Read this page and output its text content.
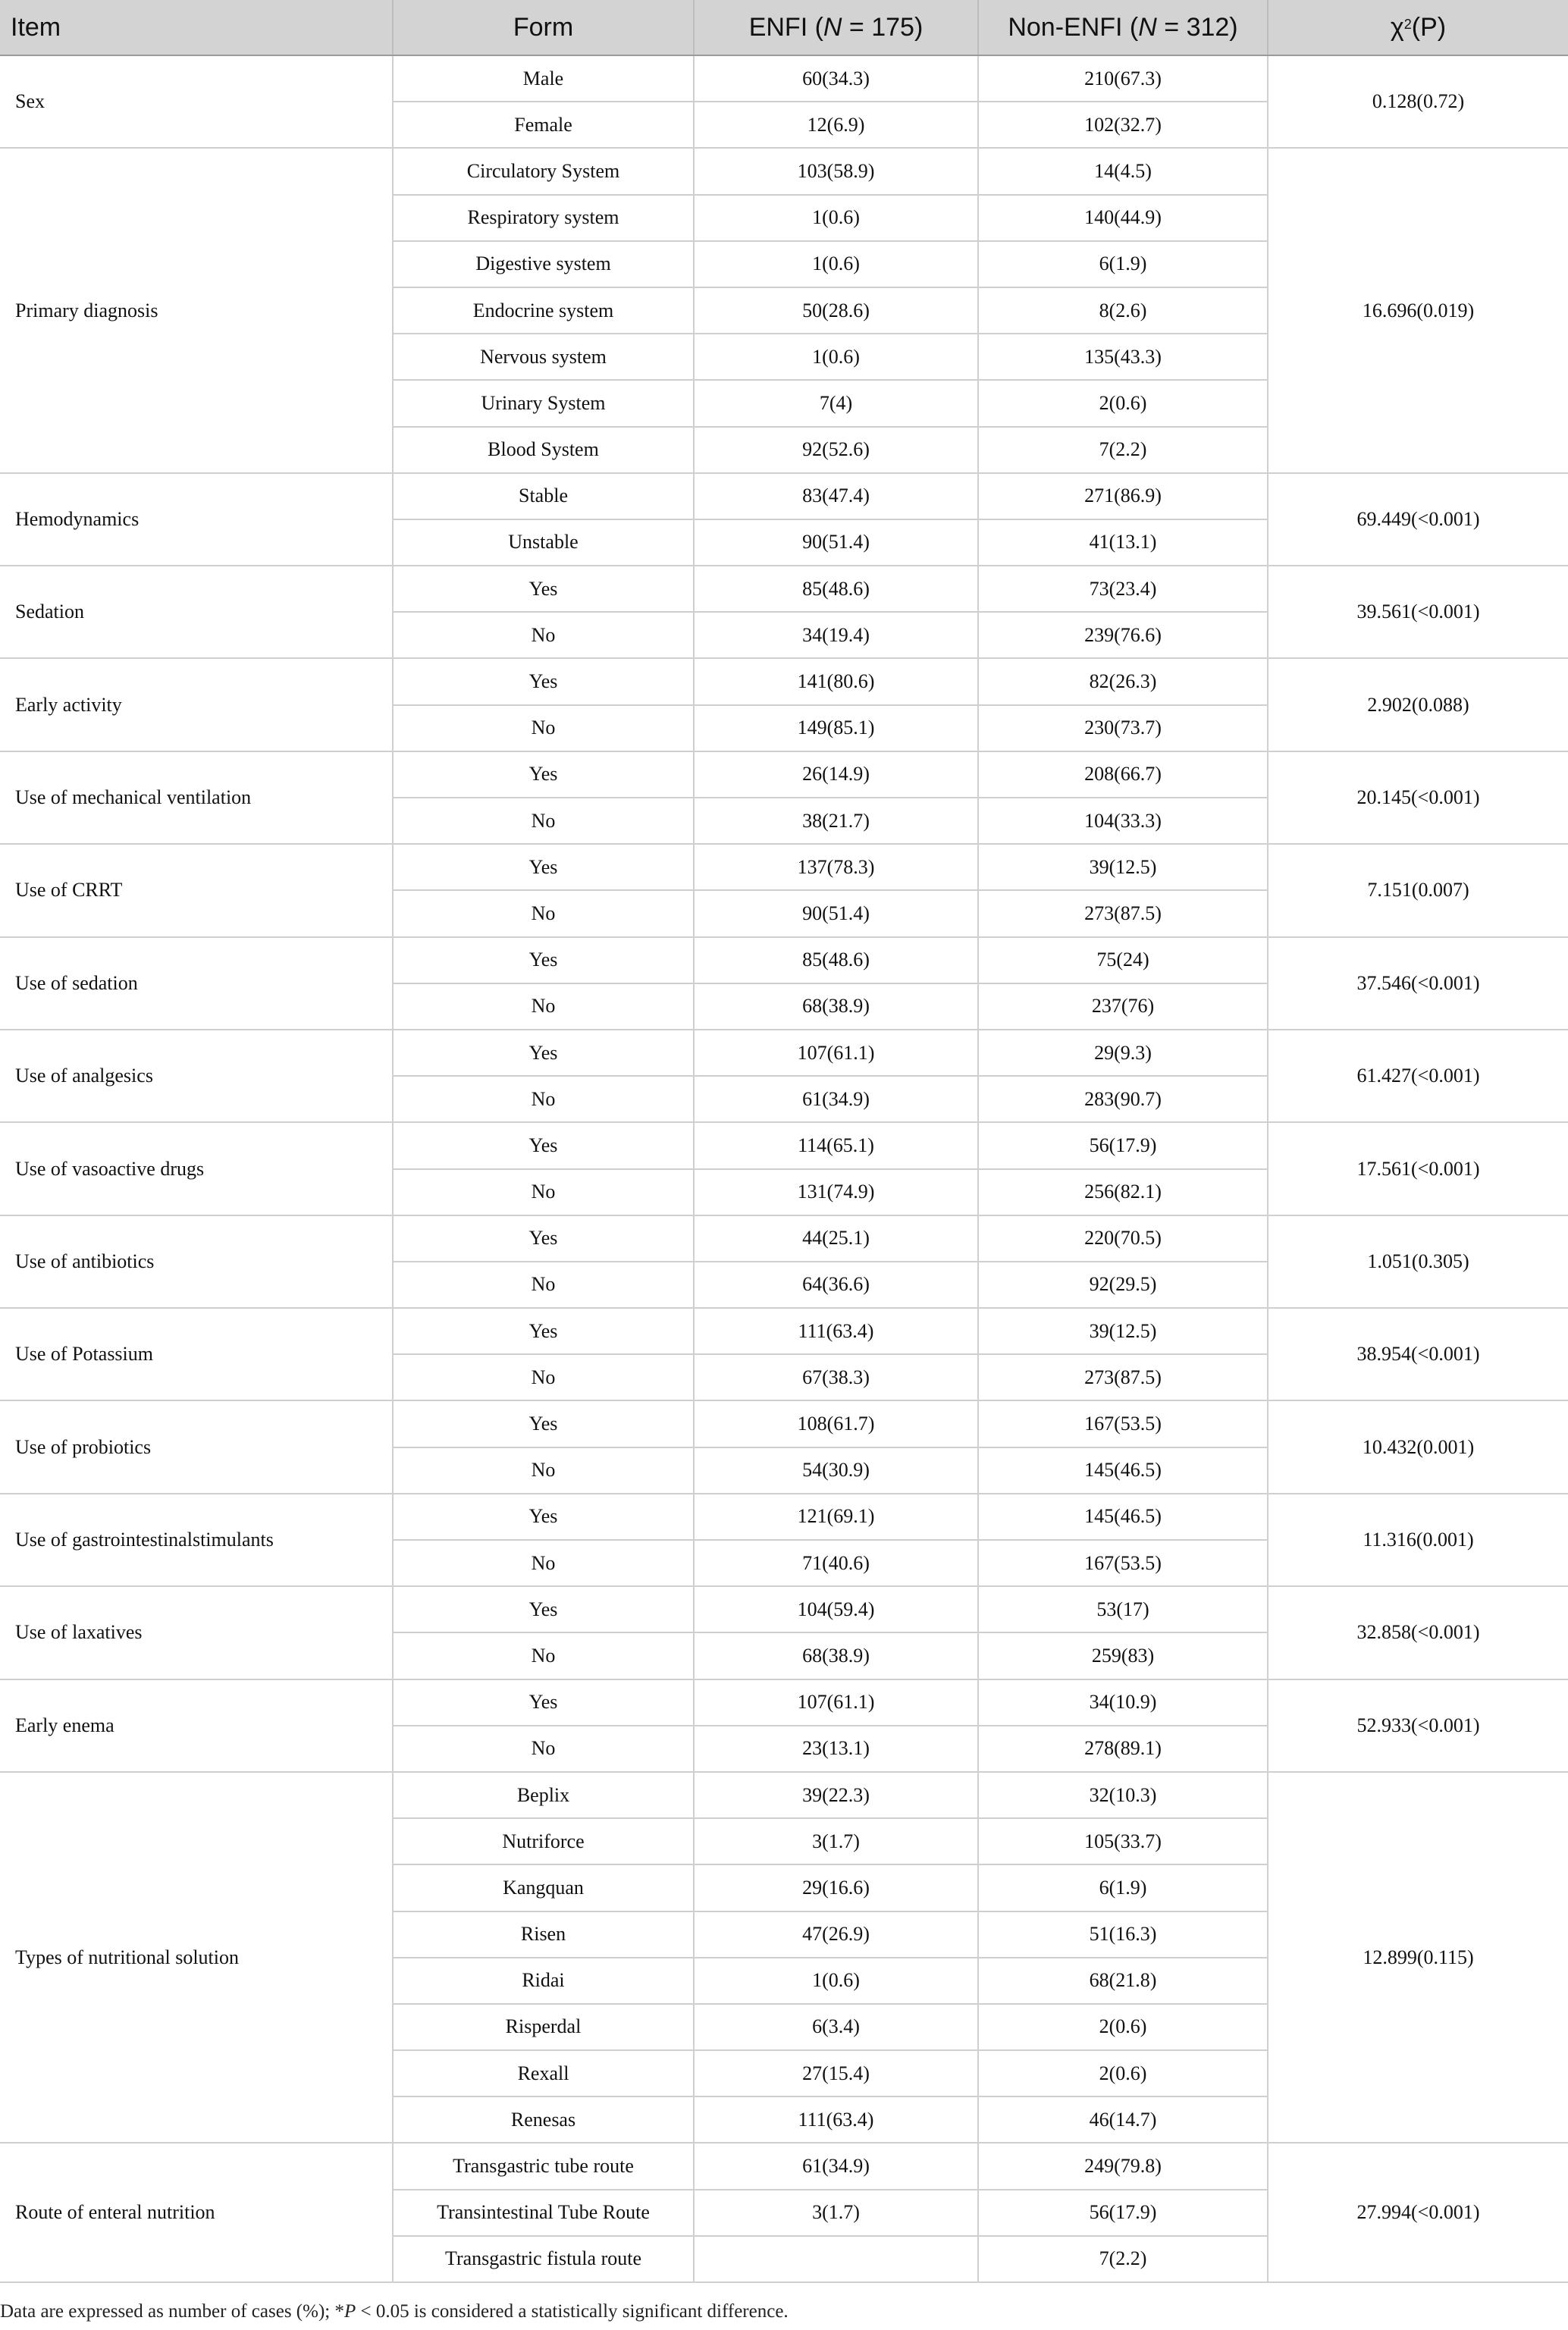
Item	Form	ENFI (N = 175)	Non-ENFI (N = 312)	$\chi^2(P)$
Sex	Male	60(34.3)	210(67.3)	0.128(0.72)
	Female	12(6.9)	102(32.7)	
Primary diagnosis	Circulatory System	103(58.9)	14(4.5)	16.696(0.019)
	Respiratory system	1(0.6)	140(44.9)	
	Digestive system	1(0.6)	6(1.9)	
	Endocrine system	50(28.6)	8(2.6)	
	Nervous system	1(0.6)	135(43.3)	
	Urinary System	7(4)	2(0.6)	
	Blood System	92(52.6)	7(2.2)	
Hemodynamics	Stable	83(47.4)	271(86.9)	69.449(<0.001)
	Unstable	90(51.4)	41(13.1)	
Sedation	Yes	85(48.6)	73(23.4)	39.561(<0.001)
	No	34(19.4)	239(76.6)	
Early activity	Yes	141(80.6)	82(26.3)	2.902(0.088)
	No	149(85.1)	230(73.7)	
Use of mechanical ventilation	Yes	26(14.9)	208(66.7)	20.145(<0.001)
	No	38(21.7)	104(33.3)	
Use of CRRT	Yes	137(78.3)	39(12.5)	7.151(0.007)
	No	90(51.4)	273(87.5)	
Use of sedation	Yes	85(48.6)	75(24)	37.546(<0.001)
	No	68(38.9)	237(76)	
Use of analgesics	Yes	107(61.1)	29(9.3)	61.427(<0.001)
	No	61(34.9)	283(90.7)	
Use of vasoactive drugs	Yes	114(65.1)	56(17.9)	17.561(<0.001)
	No	131(74.9)	256(82.1)	
Use of antibiotics	Yes	44(25.1)	220(70.5)	1.051(0.305)
	No	64(36.6)	92(29.5)	
Use of Potassium	Yes	111(63.4)	39(12.5)	38.954(<0.001)
	No	67(38.3)	273(87.5)	
Use of probiotics	Yes	108(61.7)	167(53.5)	10.432(0.001)
	No	54(30.9)	145(46.5)	
Use of gastrointestinalstimulants	Yes	121(69.1)	145(46.5)	11.316(0.001)
	No	71(40.6)	167(53.5)	
Use of laxatives	Yes	104(59.4)	53(17)	32.858(<0.001)
	No	68(38.9)	259(83)	
Early enema	Yes	107(61.1)	34(10.9)	52.933(<0.001)
	No	23(13.1)	278(89.1)	
Types of nutritional solution	Beplix	39(22.3)	32(10.3)	12.899(0.115)
	Nutriforce	3(1.7)	105(33.7)	
	Kangquan	29(16.6)	6(1.9)	
	Risen	47(26.9)	51(16.3)	
	Ridai	1(0.6)	68(21.8)	
	Risperdal	6(3.4)	2(0.6)	
	Rexall	27(15.4)	2(0.6)	
	Renesas	111(63.4)	46(14.7)	
Route of enteral nutrition	Transgastric tube route	61(34.9)	249(79.8)	27.994(<0.001)
	Transintestinal Tube Route	3(1.7)	56(17.9)	
	Transgastric fistula route		7(2.2)	
Data are expressed as number of cases (%); *P < 0.05 is considered a statistically significant difference.
